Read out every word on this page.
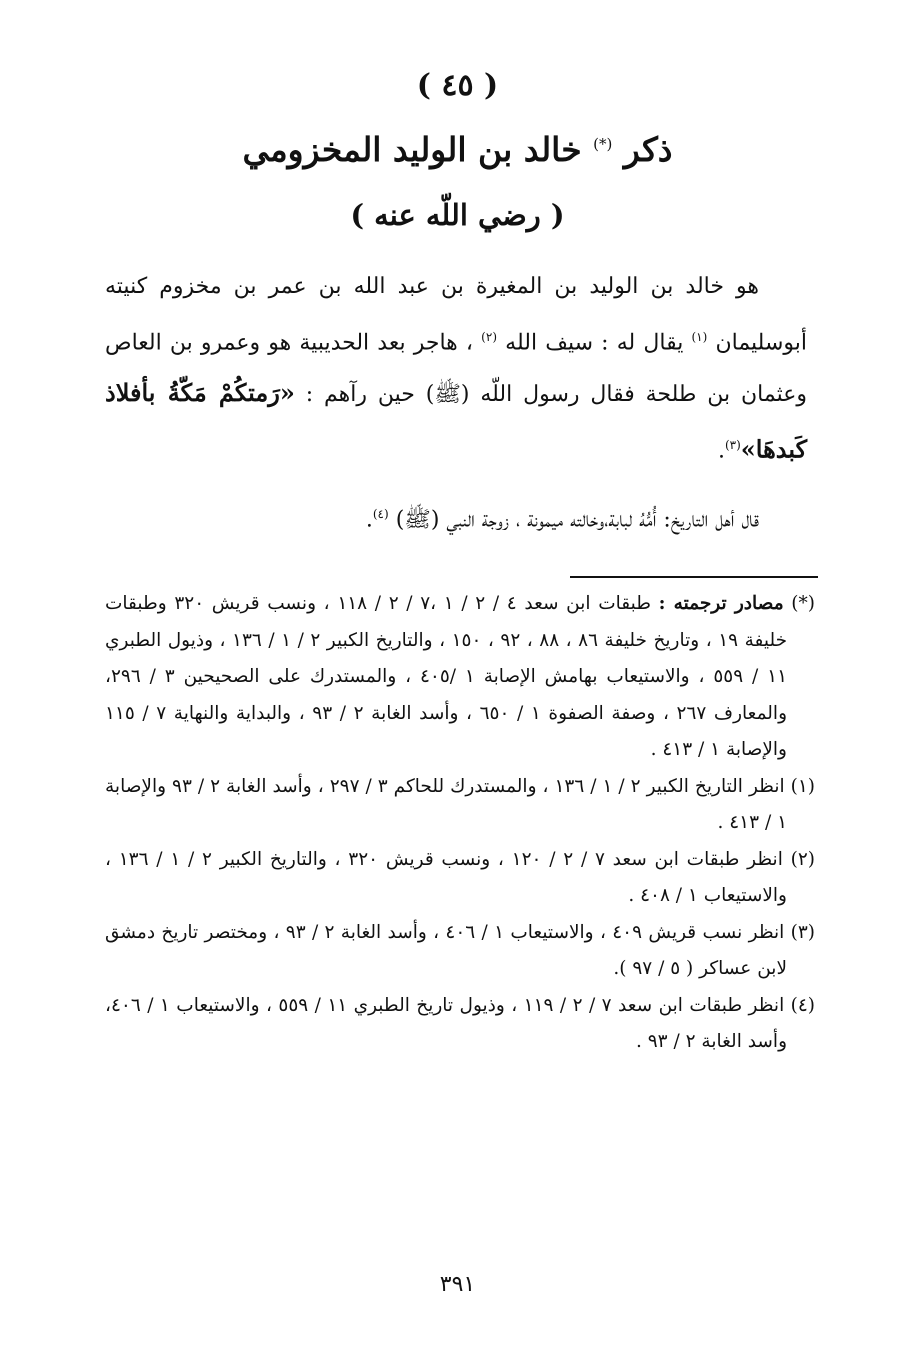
( ٤٥ )
ذكر (*) خالد بن الوليد المخزومي
( رضي اللّه عنه )

هو خالد بن الوليد بن المغيرة بن عبد الله بن عمر بن مخزوم كنيته أبوسليمان $^{(١)}$ يقال له : سيف الله $^{(٢)}$ ، هاجر بعد الحديبية هو وعمرو بن العاص وعثمان بن طلحة فقال رسول اللّه (ﷺ) حين رآهم : «رَمتكُمْ مَكّةُ بأفلاذ كَبدهَا»$^{(٣)}$.

قال أهل التاريخ: أُمُّهُ لبابة،وخالته ميمونة ، زوجة النبي (ﷺ) $^{(٤)}$.

(*) مصادر ترجمته : طبقات ابن سعد ٤ / ٢ / ١ ،٧ / ٢ / ١١٨ ، ونسب قريش ٣٢٠ وطبقات خليفة ١٩ ، وتاريخ خليفة ٨٦ ، ٨٨ ، ٩٢ ، ١٥٠ ، والتاريخ الكبير ٢ / ١ / ١٣٦ ، وذيول الطبري ١١ / ٥٥٩ ، والاستيعاب بهامش الإصابة ١ /٤٠٥ ، والمستدرك على الصحيحين ٣ / ٢٩٦، والمعارف ٢٦٧ ، وصفة الصفوة ١ / ٦٥٠ ، وأسد الغابة ٢ / ٩٣ ، والبداية والنهاية ٧ / ١١٥ والإصابة ١ / ٤١٣ .

(١) انظر التاريخ الكبير ٢ / ١ / ١٣٦ ، والمستدرك للحاكم ٣ / ٢٩٧ ، وأسد الغابة ٢ / ٩٣ والإصابة ١ / ٤١٣ .

(٢) انظر طبقات ابن سعد ٧ / ٢ / ١٢٠ ، ونسب قريش ٣٢٠ ، والتاريخ الكبير ٢ / ١ / ١٣٦ ، والاستيعاب ١ / ٤٠٨ .

(٣) انظر نسب قريش ٤٠٩ ، والاستيعاب ١ / ٤٠٦ ، وأسد الغابة ٢ / ٩٣ ، ومختصر تاريخ دمشق لابن عساكر ( ٥ / ٩٧ ).

(٤) انظر طبقات ابن سعد ٧ / ٢ / ١١٩ ، وذيول تاريخ الطبري ١١ / ٥٥٩ ، والاستيعاب ١ / ٤٠٦، وأسد الغابة ٢ / ٩٣ .

٣٩١
